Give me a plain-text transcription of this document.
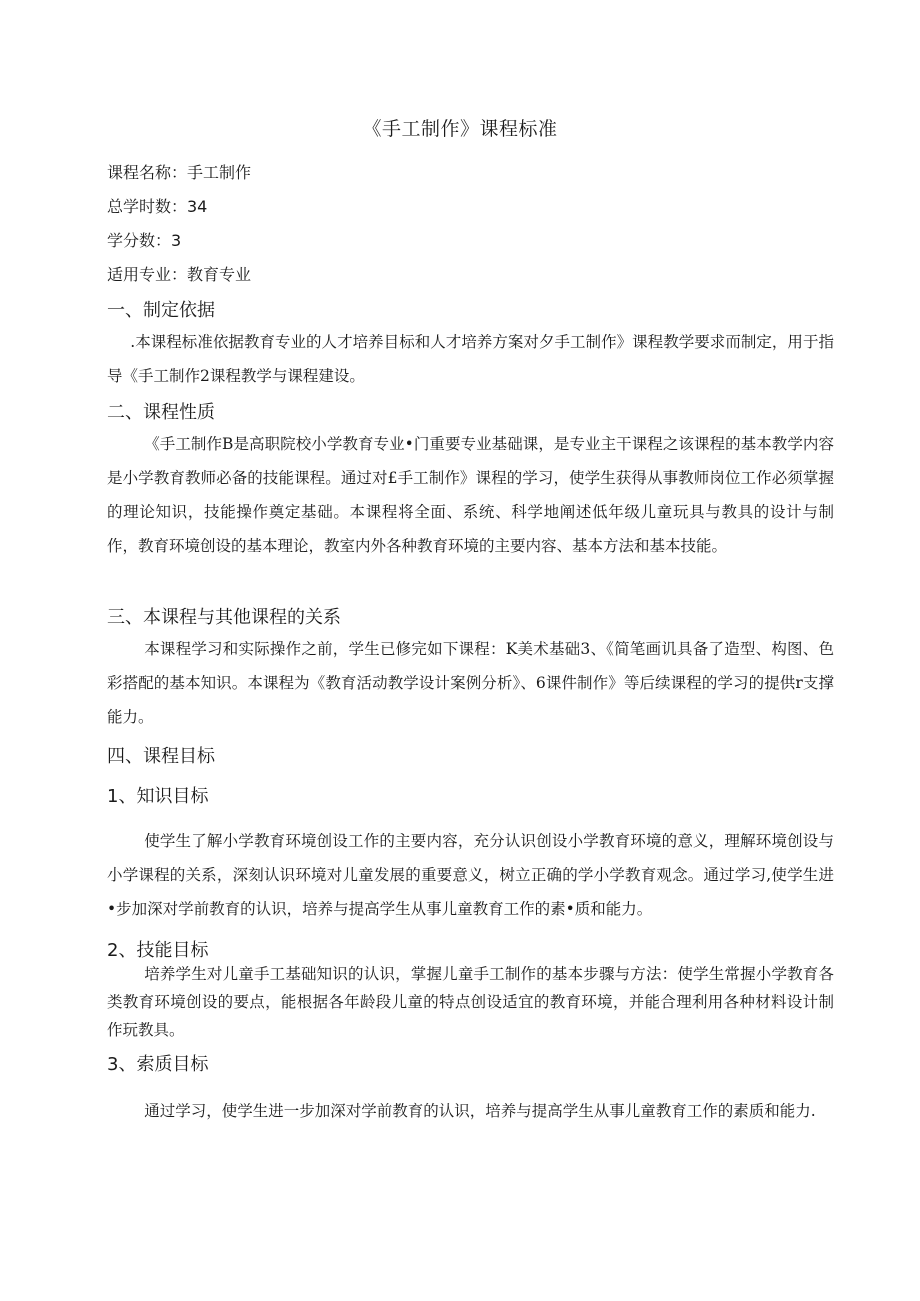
《手工制作》课程标准
课程名称：手工制作
总学时数：34
学分数：3
适用专业：教育专业
一、制定依据

.本课程标准依据教育专业的人才培养目标和人才培养方案对夕手工制作》课程教学要求而制定，用于指导《手工制作2课程教学与课程建设。

二、课程性质

《手工制作B是高职院校小学教育专业•门重要专业基础课，是专业主干课程之该课程的基本教学内容是小学教育教师必备的技能课程。通过对£手工制作》课程的学习，使学生获得从事教师岗位工作必须掌握的理论知识，技能操作奠定基础。本课程将全面、系统、科学地阐述低年级儿童玩具与教具的设计与制作，教育环境创设的基本理论，教室内外各种教育环境的主要内容、基本方法和基本技能。

三、本课程与其他课程的关系

本课程学习和实际操作之前，学生已修完如下课程：K美术基础3、《简笔画讥具备了造型、构图、色彩搭配的基本知识。本课程为《教育活动教学设计案例分析》、6课件制作》等后续课程的学习的提供r支撑能力。

四、课程目标
1、知识目标

使学生了解小学教育环境创设工作的主要内容，充分认识创设小学教育环境的意义，理解环境创设与小学课程的关系，深刻认识环境对儿童发展的重要意义，树立正确的学小学教育观念。通过学习,使学生进•步加深对学前教育的认识，培养与提高学生从事儿童教育工作的素•质和能力。

2、技能目标

培养学生对儿童手工基础知识的认识，掌握儿童手工制作的基本步骤与方法：使学生常握小学教育各类教育环境创设的要点，能根据各年龄段儿童的特点创设适宜的教育环境，并能合理利用各种材料设计制作玩教具。

3、索质目标

通过学习，使学生进一步加深对学前教育的认识，培养与提高学生从事儿童教育工作的素质和能力.
